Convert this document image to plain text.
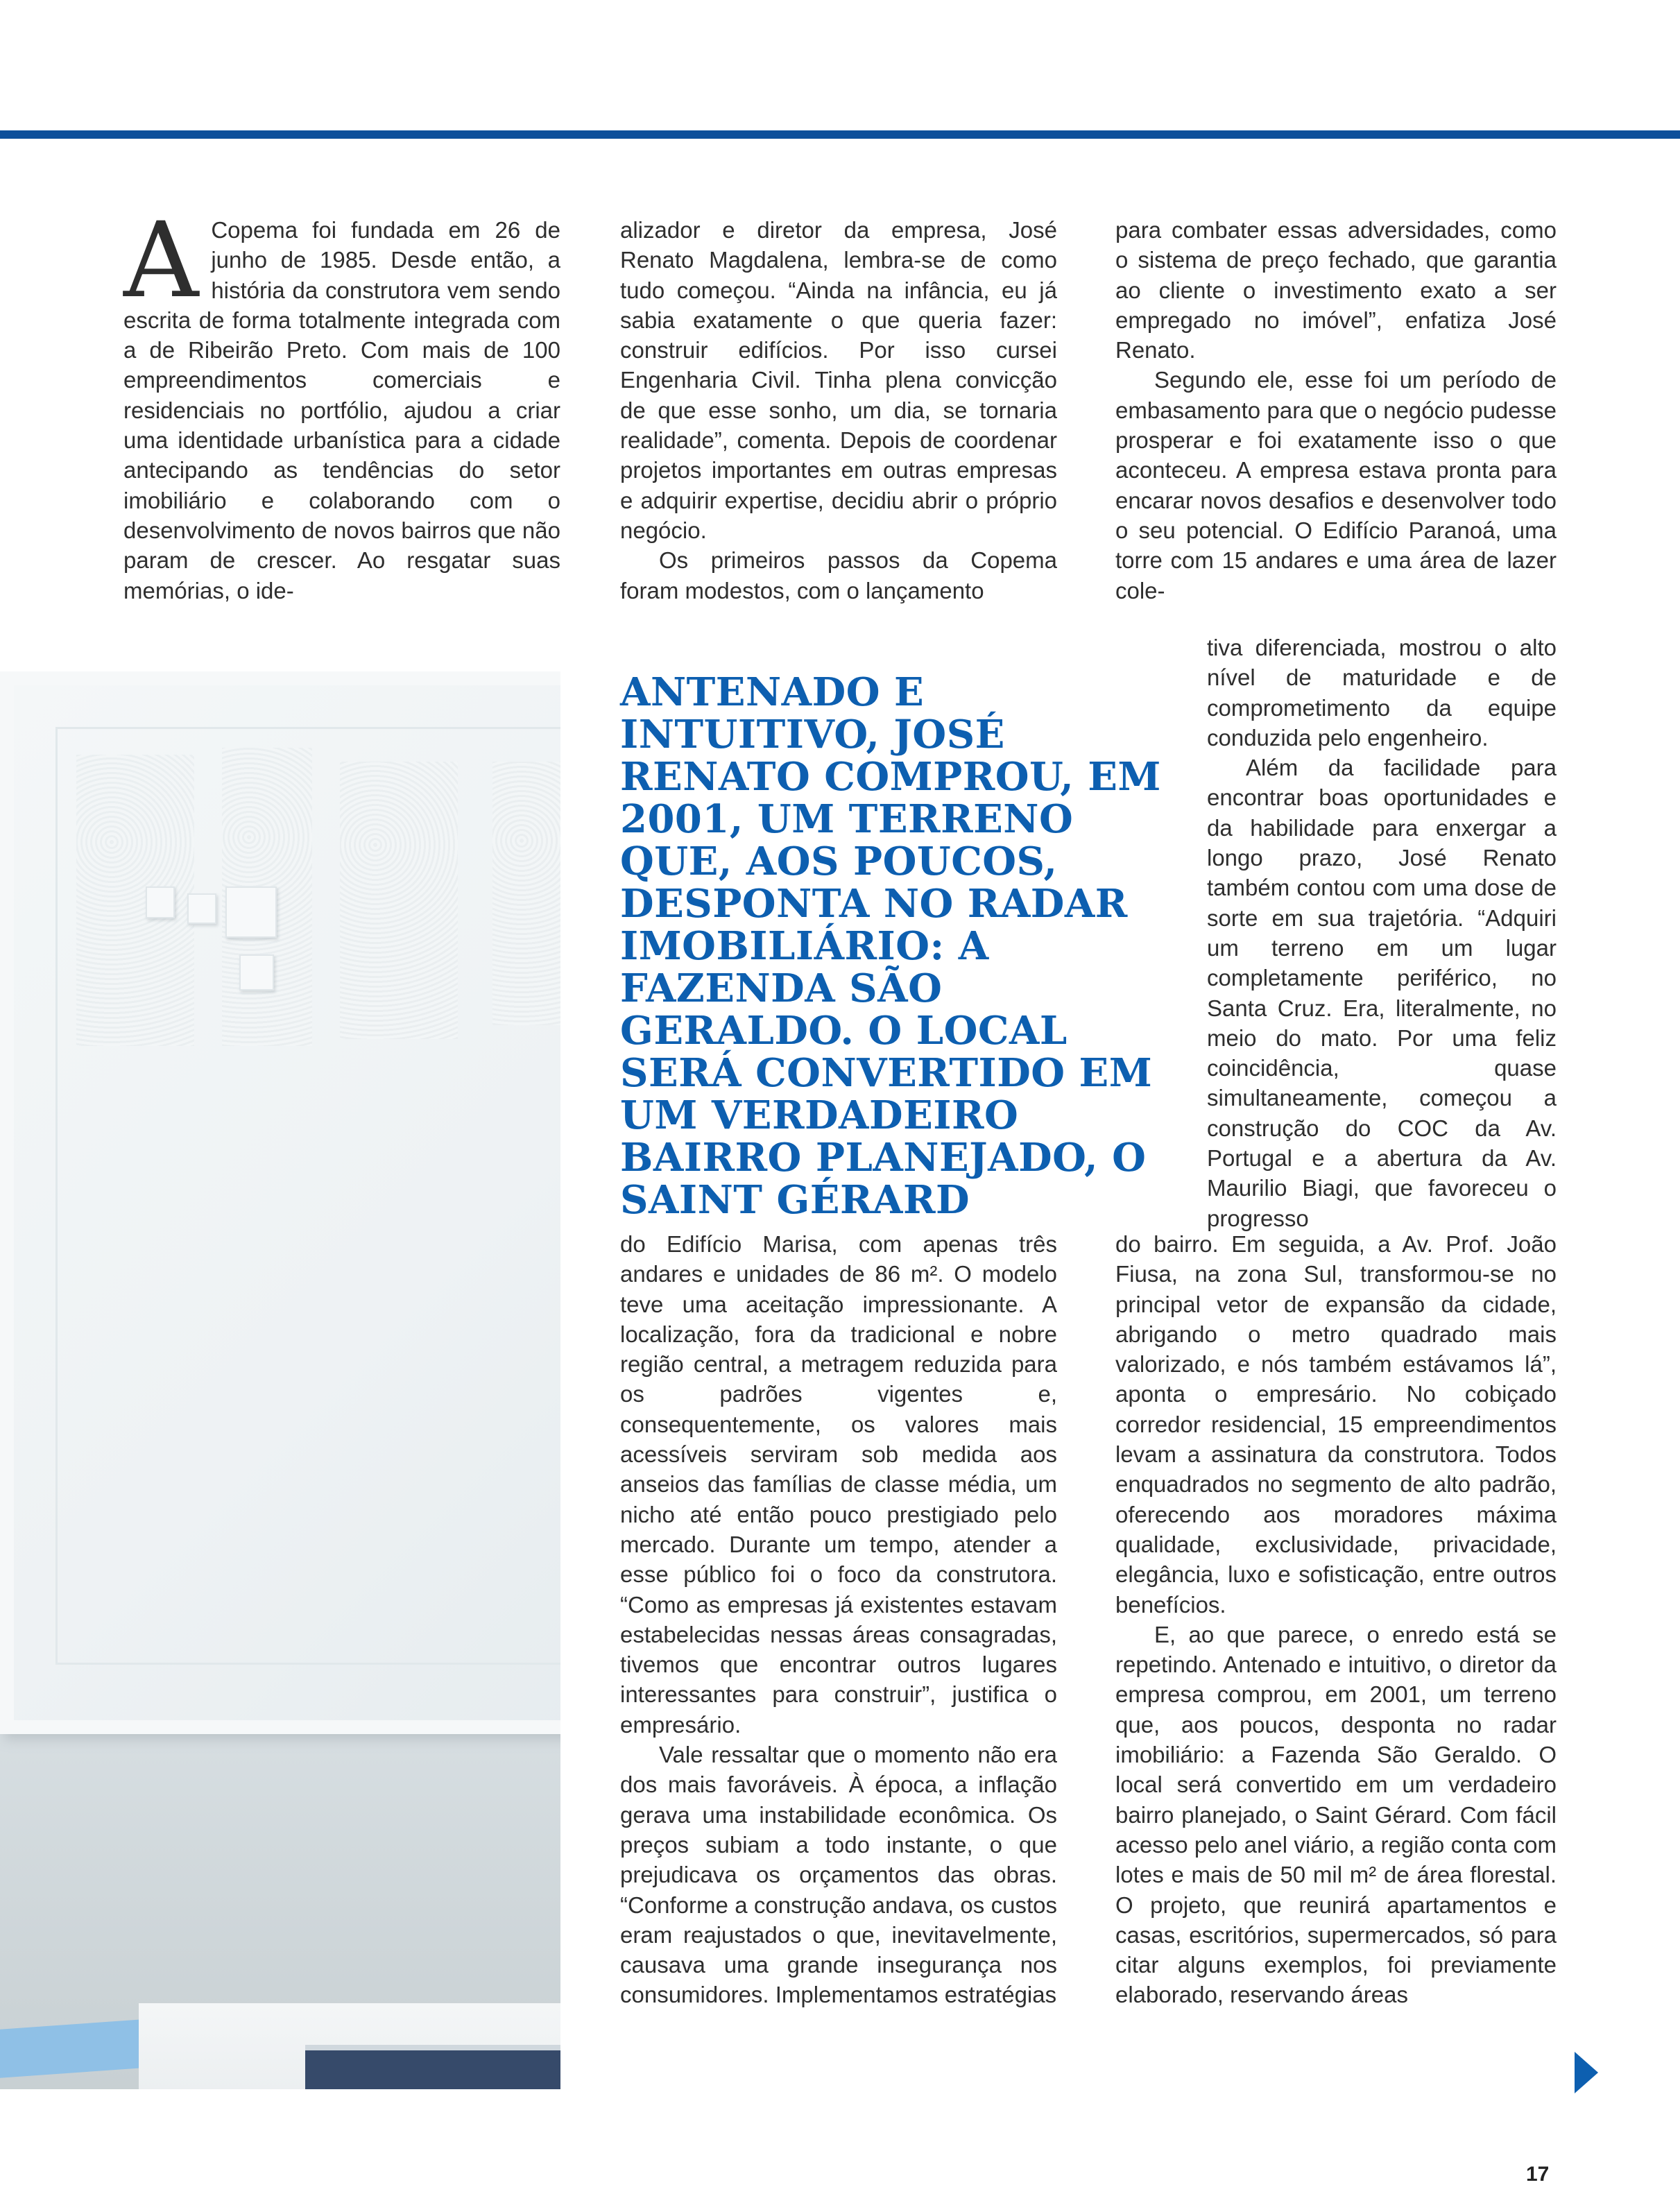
A Copema foi fundada em 26 de junho de 1985. Desde então, a história da construtora vem sendo escrita de forma totalmente integrada com a de Ribeirão Preto. Com mais de 100 empreendimentos comerciais e residenciais no portfólio, ajudou a criar uma identidade urbanística para a cidade antecipando as tendências do setor imobiliário e colaborando com o desenvolvimento de novos bairros que não param de crescer. Ao resgatar suas memórias, o ide-

alizador e diretor da empresa, José Renato Magdalena, lembra-se de como tudo começou. “Ainda na infância, eu já sabia exatamente o que queria fazer: construir edifícios. Por isso cursei Engenharia Civil. Tinha plena convicção de que esse sonho, um dia, se tornaria realidade”, comenta. Depois de coordenar projetos importantes em outras empresas e adquirir expertise, decidiu abrir o próprio negócio.

Os primeiros passos da Copema foram modestos, com o lançamento

ANTENADO E INTUITIVO, JOSÉ RENATO COMPROU, EM 2001, UM TERRENO QUE, AOS POUCOS, DESPONTA NO RADAR IMOBILIÁRIO: A FAZENDA SÃO GERALDO. O LOCAL SERÁ CONVERTIDO EM UM VERDADEIRO BAIRRO PLANEJADO, O SAINT GÉRARD

do Edifício Marisa, com apenas três andares e unidades de 86 m². O modelo teve uma aceitação impressionante. A localização, fora da tradicional e nobre região central, a metragem reduzida para os padrões vigentes e, consequentemente, os valores mais acessíveis serviram sob medida aos anseios das famílias de classe média, um nicho até então pouco prestigiado pelo mercado. Durante um tempo, atender a esse público foi o foco da construtora. “Como as empresas já existentes estavam estabelecidas nessas áreas consagradas, tivemos que encontrar outros lugares interessantes para construir”, justifica o empresário.

Vale ressaltar que o momento não era dos mais favoráveis. À época, a inflação gerava uma instabilidade econômica. Os preços subiam a todo instante, o que prejudicava os orçamentos das obras. “Conforme a construção andava, os custos eram reajustados o que, inevitavelmente, causava uma grande insegurança nos consumidores. Implementamos estratégias

para combater essas adversidades, como o sistema de preço fechado, que garantia ao cliente o investimento exato a ser empregado no imóvel”, enfatiza José Renato.

Segundo ele, esse foi um período de embasamento para que o negócio pudesse prosperar e foi exatamente isso o que aconteceu. A empresa estava pronta para encarar novos desafios e desenvolver todo o seu potencial. O Edifício Paranoá, uma torre com 15 andares e uma área de lazer cole-

tiva diferenciada, mostrou o alto nível de maturidade e de comprometimento da equipe conduzida pelo engenheiro.

Além da facilidade para encontrar boas oportunidades e da habilidade para enxergar a longo prazo, José Renato também contou com uma dose de sorte em sua trajetória. “Adquiri um terreno em um lugar completamente periférico, no Santa Cruz. Era, literalmente, no meio do mato. Por uma feliz coincidência, quase simultaneamente, começou a construção do COC da Av. Portugal e a abertura da Av. Maurilio Biagi, que favoreceu o progresso

do bairro. Em seguida, a Av. Prof. João Fiusa, na zona Sul, transformou-se no principal vetor de expansão da cidade, abrigando o metro quadrado mais valorizado, e nós também estávamos lá”, aponta o empresário. No cobiçado corredor residencial, 15 empreendimentos levam a assinatura da construtora. Todos enquadrados no segmento de alto padrão, oferecendo aos moradores máxima qualidade, exclusividade, privacidade, elegância, luxo e sofisticação, entre outros benefícios.

E, ao que parece, o enredo está se repetindo. Antenado e intuitivo, o diretor da empresa comprou, em 2001, um terreno que, aos poucos, desponta no radar imobiliário: a Fazenda São Geraldo. O local será convertido em um verdadeiro bairro planejado, o Saint Gérard. Com fácil acesso pelo anel viário, a região conta com lotes e mais de 50 mil m² de área florestal. O projeto, que reunirá apartamentos e casas, escritórios, supermercados, só para citar alguns exemplos, foi previamente elaborado, reservando áreas

17
